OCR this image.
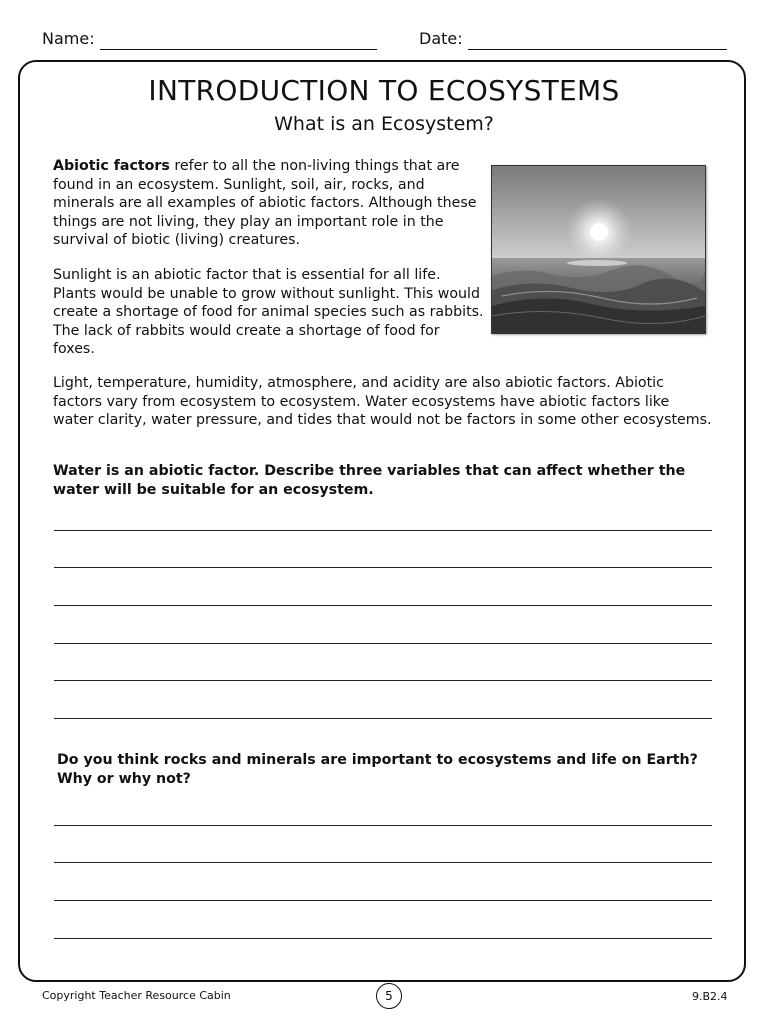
Name:	Date:
INTRODUCTION TO ECOSYSTEMS
What is an Ecosystem?

Abiotic factors refer to all the non-living things that are found in an ecosystem. Sunlight, soil, air, rocks, and minerals are all examples of abiotic factors. Although these things are not living, they play an important role in the survival of biotic (living) creatures.

Sunlight is an abiotic factor that is essential for all life. Plants would be unable to grow without sunlight. This would create a shortage of food for animal species such as rabbits. The lack of rabbits would create a shortage of food for foxes.

Light, temperature, humidity, atmosphere, and acidity are also abiotic factors. Abiotic factors vary from ecosystem to ecosystem. Water ecosystems have abiotic factors like water clarity, water pressure, and tides that would not be factors in some other ecosystems.

Water is an abiotic factor. Describe three variables that can affect whether the water will be suitable for an ecosystem.

Do you think rocks and minerals are important to ecosystems and life on Earth? Why or why not?

Copyright Teacher Resource Cabin	5	9.B2.4
